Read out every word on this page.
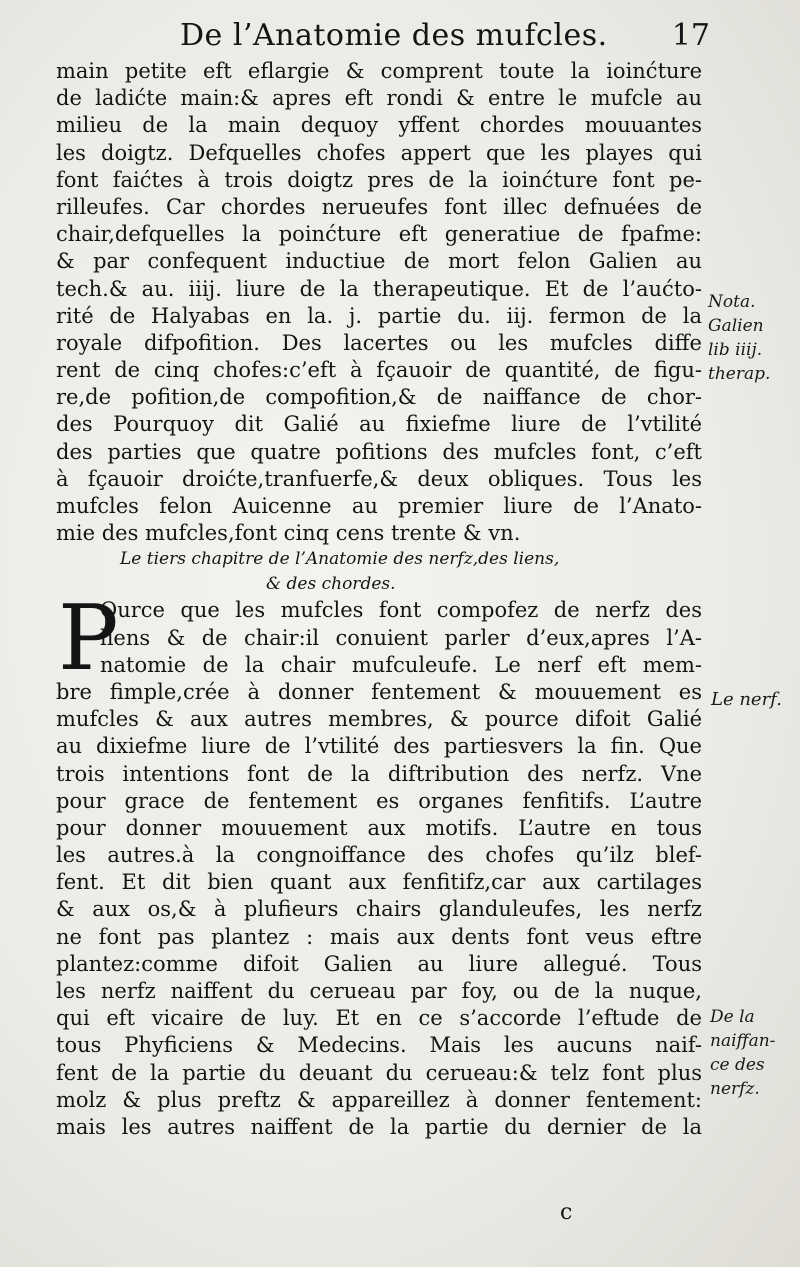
De l’Anatomie des mufcles. 17
main petite eft eflargie & comprent toute la ioinćture
de ladićte main:& apres eft rondi & entre le mufcle au
milieu de la main dequoy yffent chordes mouuantes
les doigtz. Defquelles chofes appert que les playes qui
font faićtes à trois doigtz pres de la ioinćture font pe-
rilleufes. Car chordes nerueufes font illec defnuées de
chair,defquelles la poinćture eft generatiue de fpafme:
& par confequent inductiue de mort felon Galien au
tech.& au. iiij. liure de la therapeutique. Et de l’aućto-
rité de Halyabas en la. j. partie du. iij. fermon de la
royale difpofition. Des lacertes ou les mufcles diffe
rent de cinq chofes:c’eft à fçauoir de quantité, de figu-
re,de pofition,de compofition,& de naiffance de chor-
des Pourquoy dit Galié au fixiefme liure de l’vtilité
des parties que quatre pofitions des mufcles font, c’eft
à fçauoir droićte,tranfuerfe,& deux obliques. Tous les
mufcles felon Auicenne au premier liure de l’Anato-
mie des mufcles,font cinq cens trente & vn.
Le tiers chapitre de l’Anatomie des nerfz,des liens,
& des chordes.
P
Ource que les mufcles font compofez de nerfz des
liens & de chair:il conuient parler d’eux,apres l’A-
natomie de la chair mufculeufe. Le nerf eft mem-
bre fimple,crée à donner fentement & mouuement es
mufcles & aux autres membres, & pource difoit Galié
au dixiefme liure de l’vtilité des partiesvers la fin. Que
trois intentions font de la diftribution des nerfz. Vne
pour grace de fentement es organes fenfitifs. L’autre
pour donner mouuement aux motifs. L’autre en tous
les autres.à la congnoiffance des chofes qu’ilz blef-
fent. Et dit bien quant aux fenfitifz,car aux cartilages
& aux os,& à plufieurs chairs glanduleufes, les nerfz
ne font pas plantez : mais aux dents font veus eftre
plantez:comme difoit Galien au liure allegué. Tous
les nerfz naiffent du cerueau par foy, ou de la nuque,
qui eft vicaire de luy. Et en ce s’accorde l’eftude de
tous Phyficiens & Medecins. Mais les aucuns naif-
fent de la partie du deuant du cerueau:& telz font plus
molz & plus preftz & appareillez à donner fentement:
mais les autres naiffent de la partie du dernier de la
Nota.
Galien
lib iiij.
therap.
Le nerf.
De la
naiffan-
ce des
nerfz.
c
